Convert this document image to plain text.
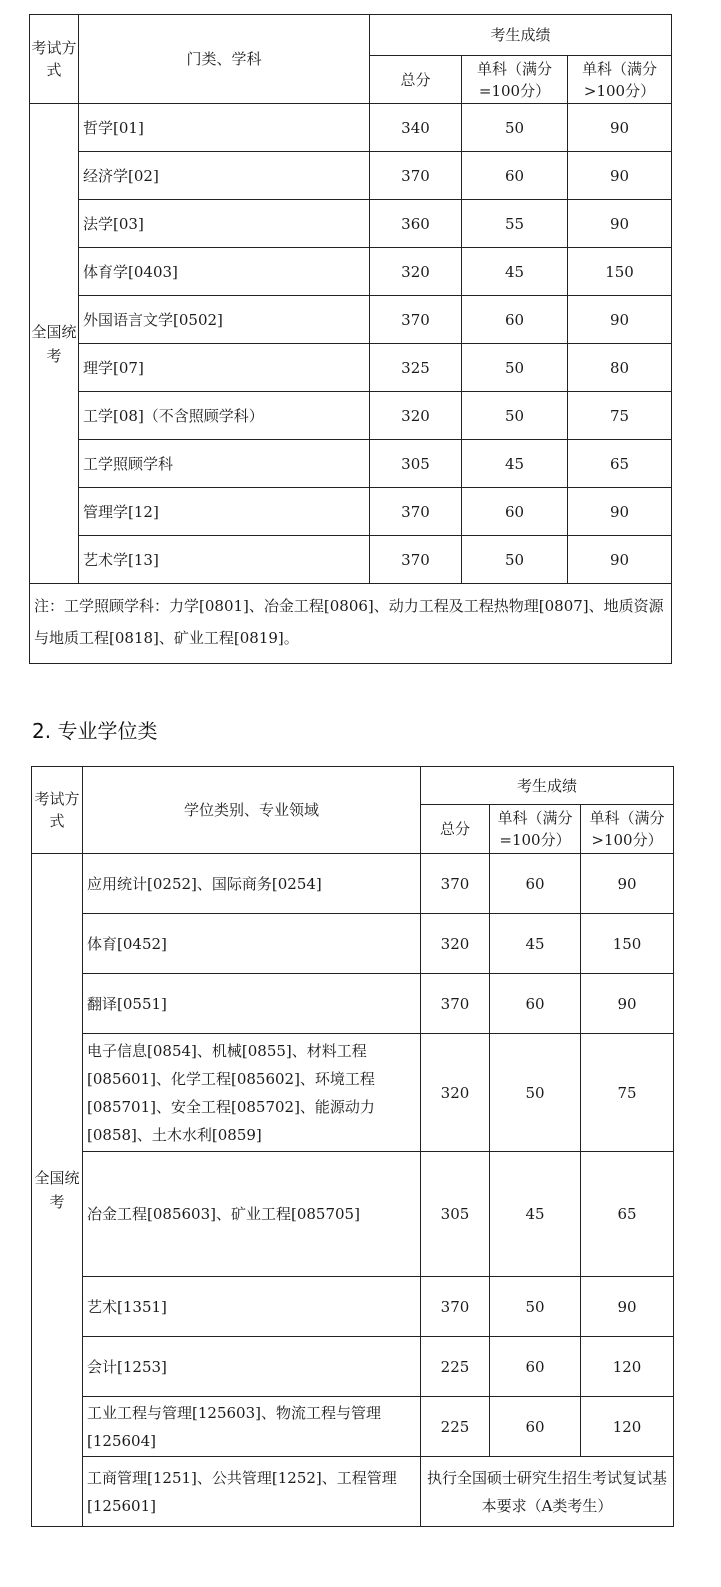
考试方式	门类、学科	考生成绩		
		总分	单科（满分=100分）	单科（满分>100分）
全国统考	哲学[01]	340	50	90
	经济学[02]	370	60	90
	法学[03]	360	55	90
	体育学[0403]	320	45	150
	外国语言文学[0502]	370	60	90
	理学[07]	325	50	80
	工学[08]（不含照顾学科）	320	50	75
	工学照顾学科	305	45	65
	管理学[12]	370	60	90
	艺术学[13]	370	50	90
注：工学照顾学科：力学[0801]、冶金工程[0806]、动力工程及工程热物理[0807]、地质资源与地质工程[0818]、矿业工程[0819]。				
2. 专业学位类
考试方式	学位类别、专业领域	考生成绩		
		总分	单科（满分=100分）	单科（满分>100分）
全国统考	应用统计[0252]、国际商务[0254]	370	60	90
	体育[0452]	320	45	150
	翻译[0551]	370	60	90
	电子信息[0854]、机械[0855]、材料工程[085601]、化学工程[085602]、环境工程[085701]、安全工程[085702]、能源动力[0858]、土木水利[0859]	320	50	75
	冶金工程[085603]、矿业工程[085705]	305	45	65
	艺术[1351]	370	50	90
	会计[1253]	225	60	120
	工业工程与管理[125603]、物流工程与管理[125604]	225	60	120
	工商管理[1251]、公共管理[1252]、工程管理[125601]	执行全国硕士研究生招生考试复试基本要求（A类考生）		
